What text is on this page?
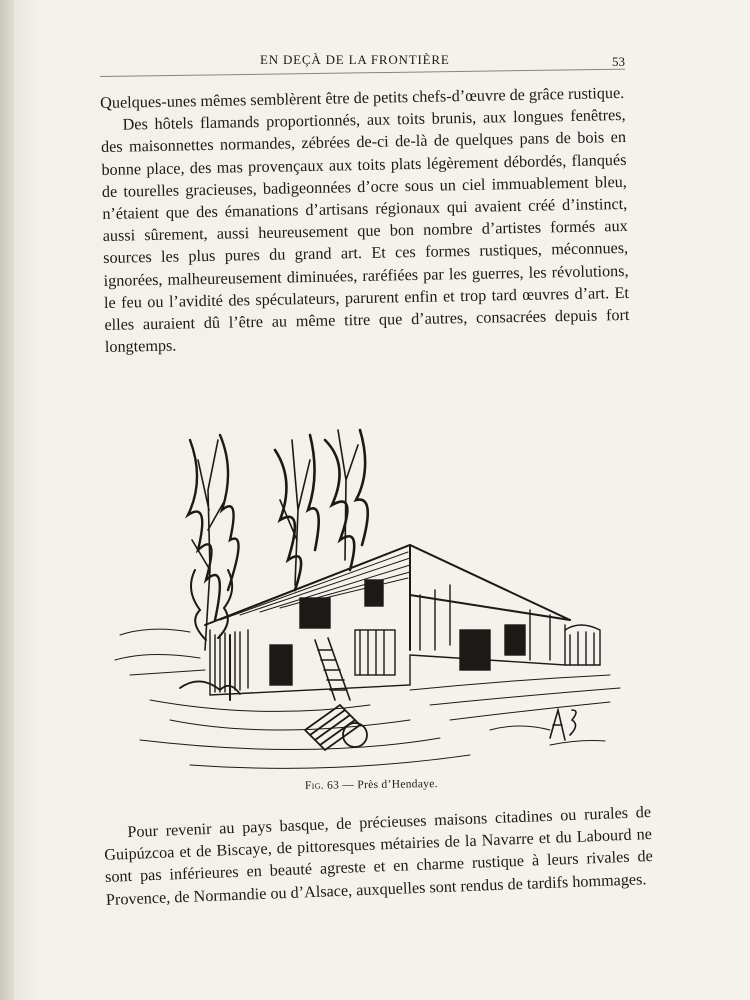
EN DEÇÀ DE LA FRONTIÈRE	53

Quelques-unes mêmes semblèrent être de petits chefs-d’œuvre de grâce rustique.

Des hôtels flamands proportionnés, aux toits brunis, aux longues fenêtres, des maisonnettes normandes, zébrées de-ci de-là de quelques pans de bois en bonne place, des mas provençaux aux toits plats légèrement débordés, flanqués de tourelles gracieuses, badigeonnées d’ocre sous un ciel immuablement bleu, n’étaient que des émanations d’artisans régionaux qui avaient créé d’instinct, aussi sûrement, aussi heureusement que bon nombre d’artistes formés aux sources les plus pures du grand art. Et ces formes rustiques, méconnues, ignorées, malheureusement diminuées, raréfiées par les guerres, les révolutions, le feu ou l’avidité des spéculateurs, parurent enfin et trop tard œuvres d’art. Et elles auraient dû l’être au même titre que d’autres, consacrées depuis fort longtemps.

Fig. 63 — Près d’Hendaye.

Pour revenir au pays basque, de précieuses maisons citadines ou rurales de Guipúzcoa et de Biscaye, de pittoresques métairies de la Navarre et du Labourd ne sont pas inférieures en beauté agreste et en charme rustique à leurs rivales de Provence, de Normandie ou d’Alsace, auxquelles sont rendus de tardifs hommages.
